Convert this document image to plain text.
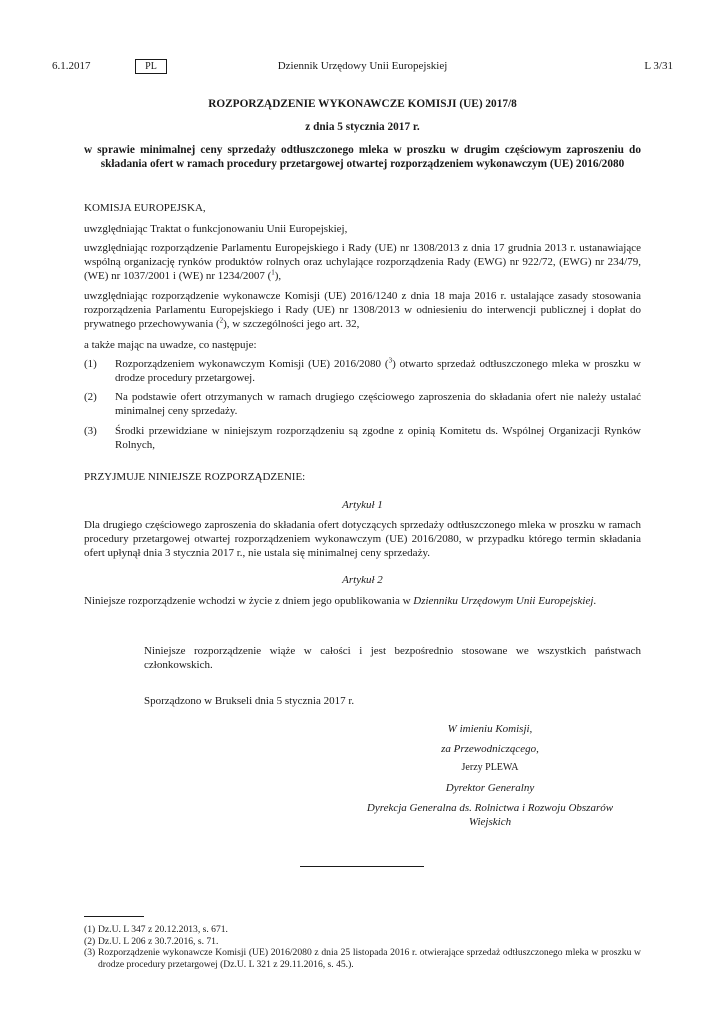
6.1.2017	PL	Dziennik Urzędowy Unii Europejskiej	L 3/31
ROZPORZĄDZENIE WYKONAWCZE KOMISJI (UE) 2017/8
z dnia 5 stycznia 2017 r.
w sprawie minimalnej ceny sprzedaży odtłuszczonego mleka w proszku w drugim częściowym zaproszeniu do składania ofert w ramach procedury przetargowej otwartej rozporządzeniem wykonawczym (UE) 2016/2080
KOMISJA EUROPEJSKA,
uwzględniając Traktat o funkcjonowaniu Unii Europejskiej,
uwzględniając rozporządzenie Parlamentu Europejskiego i Rady (UE) nr 1308/2013 z dnia 17 grudnia 2013 r. ustanawiające wspólną organizację rynków produktów rolnych oraz uchylające rozporządzenia Rady (EWG) nr 922/72, (EWG) nr 234/79, (WE) nr 1037/2001 i (WE) nr 1234/2007 ($^1$),
uwzględniając rozporządzenie wykonawcze Komisji (UE) 2016/1240 z dnia 18 maja 2016 r. ustalające zasady stosowania rozporządzenia Parlamentu Europejskiego i Rady (UE) nr 1308/2013 w odniesieniu do interwencji publicznej i dopłat do prywatnego przechowywania ($^2$), w szczególności jego art. 32,
a także mając na uwadze, co następuje:
(1) Rozporządzeniem wykonawczym Komisji (UE) 2016/2080 ($^3$) otwarto sprzedaż odtłuszczonego mleka w proszku w drodze procedury przetargowej.
(2) Na podstawie ofert otrzymanych w ramach drugiego częściowego zaproszenia do składania ofert nie należy ustalać minimalnej ceny sprzedaży.
(3) Środki przewidziane w niniejszym rozporządzeniu są zgodne z opinią Komitetu ds. Wspólnej Organizacji Rynków Rolnych,
PRZYJMUJE NINIEJSZE ROZPORZĄDZENIE:
Artykuł 1
Dla drugiego częściowego zaproszenia do składania ofert dotyczących sprzedaży odtłuszczonego mleka w proszku w ramach procedury przetargowej otwartej rozporządzeniem wykonawczym (UE) 2016/2080, w przypadku którego termin składania ofert upłynął dnia 3 stycznia 2017 r., nie ustala się minimalnej ceny sprzedaży.
Artykuł 2
Niniejsze rozporządzenie wchodzi w życie z dniem jego opublikowania w Dzienniku Urzędowym Unii Europejskiej.
Niniejsze rozporządzenie wiąże w całości i jest bezpośrednio stosowane we wszystkich państwach członkowskich.
Sporządzono w Brukseli dnia 5 stycznia 2017 r.
W imieniu Komisji,
za Przewodniczącego,
Jerzy PLEWA
Dyrektor Generalny
Dyrekcja Generalna ds. Rolnictwa i Rozwoju Obszarów Wiejskich
(1) Dz.U. L 347 z 20.12.2013, s. 671.
(2) Dz.U. L 206 z 30.7.2016, s. 71.
(3) Rozporządzenie wykonawcze Komisji (UE) 2016/2080 z dnia 25 listopada 2016 r. otwierające sprzedaż odtłuszczonego mleka w proszku w drodze procedury przetargowej (Dz.U. L 321 z 29.11.2016, s. 45.).
